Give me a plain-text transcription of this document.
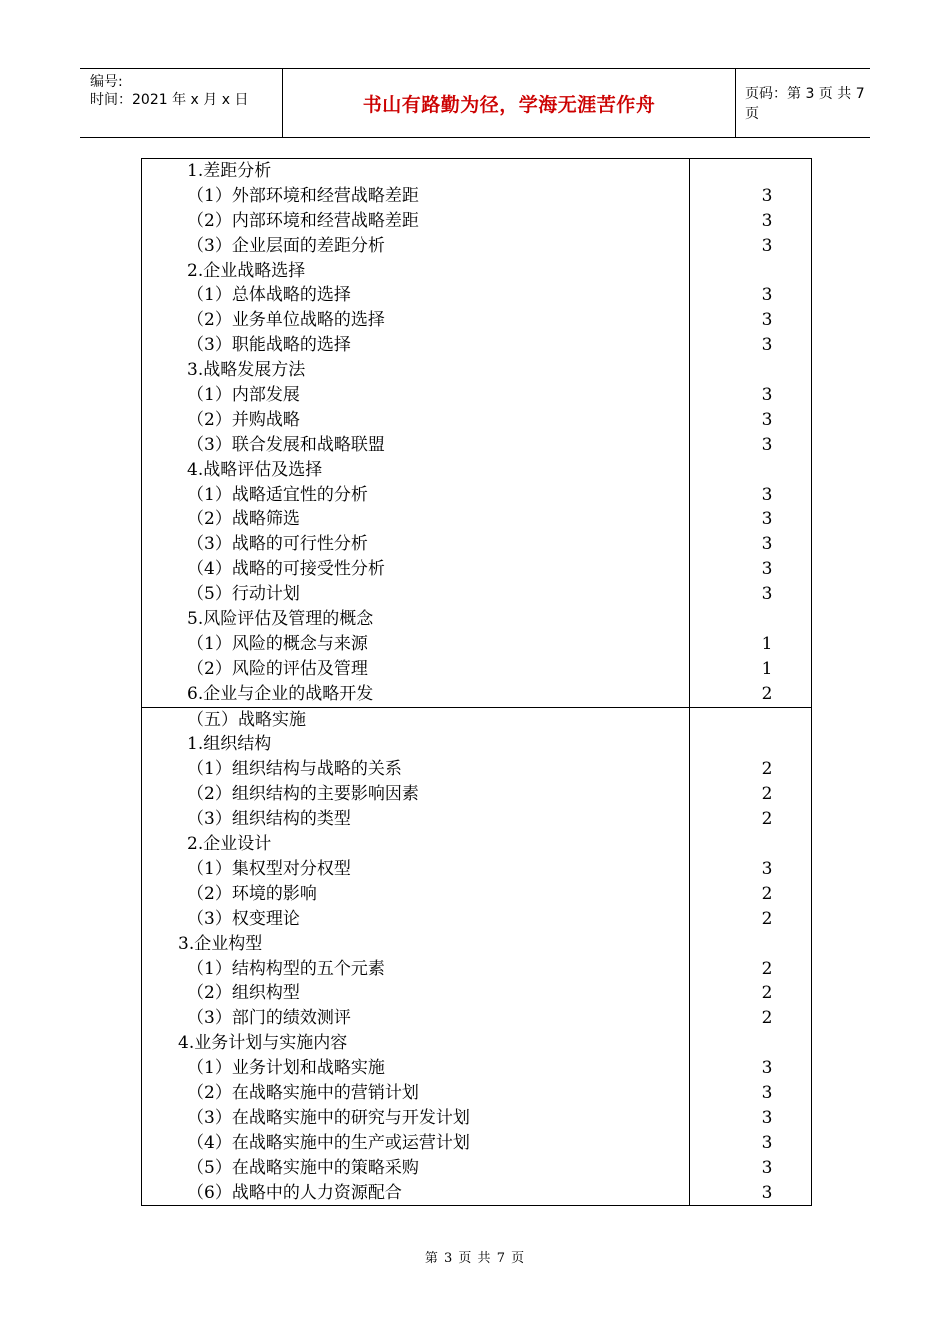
编号:
时间：2021 年 x 月 x 日	书山有路勤为径，学海无涯苦作舟	页码：第 3 页 共 7 页
1.差距分析
（1）外部环境和经营战略差距	3
（2）内部环境和经营战略差距	3
（3）企业层面的差距分析	3
2.企业战略选择
（1）总体战略的选择	3
（2）业务单位战略的选择	3
（3）职能战略的选择	3
3.战略发展方法
（1）内部发展	3
（2）并购战略	3
（3）联合发展和战略联盟	3
4.战略评估及选择
（1）战略适宜性的分析	3
（2）战略筛选	3
（3）战略的可行性分析	3
（4）战略的可接受性分析	3
（5）行动计划	3
5.风险评估及管理的概念
（1）风险的概念与来源	1
（2）风险的评估及管理	1
6.企业与企业的战略开发	2
（五）战略实施
1.组织结构
（1）组织结构与战略的关系	2
（2）组织结构的主要影响因素	2
（3）组织结构的类型	2
2.企业设计
（1）集权型对分权型	3
（2）环境的影响	2
（3）权变理论	2
3.企业构型
（1）结构构型的五个元素	2
（2）组织构型	2
（3）部门的绩效测评	2
4.业务计划与实施内容
（1）业务计划和战略实施	3
（2）在战略实施中的营销计划	3
（3）在战略实施中的研究与开发计划	3
（4）在战略实施中的生产或运营计划	3
（5）在战略实施中的策略采购	3
（6）战略中的人力资源配合	3
第 3 页 共 7 页
